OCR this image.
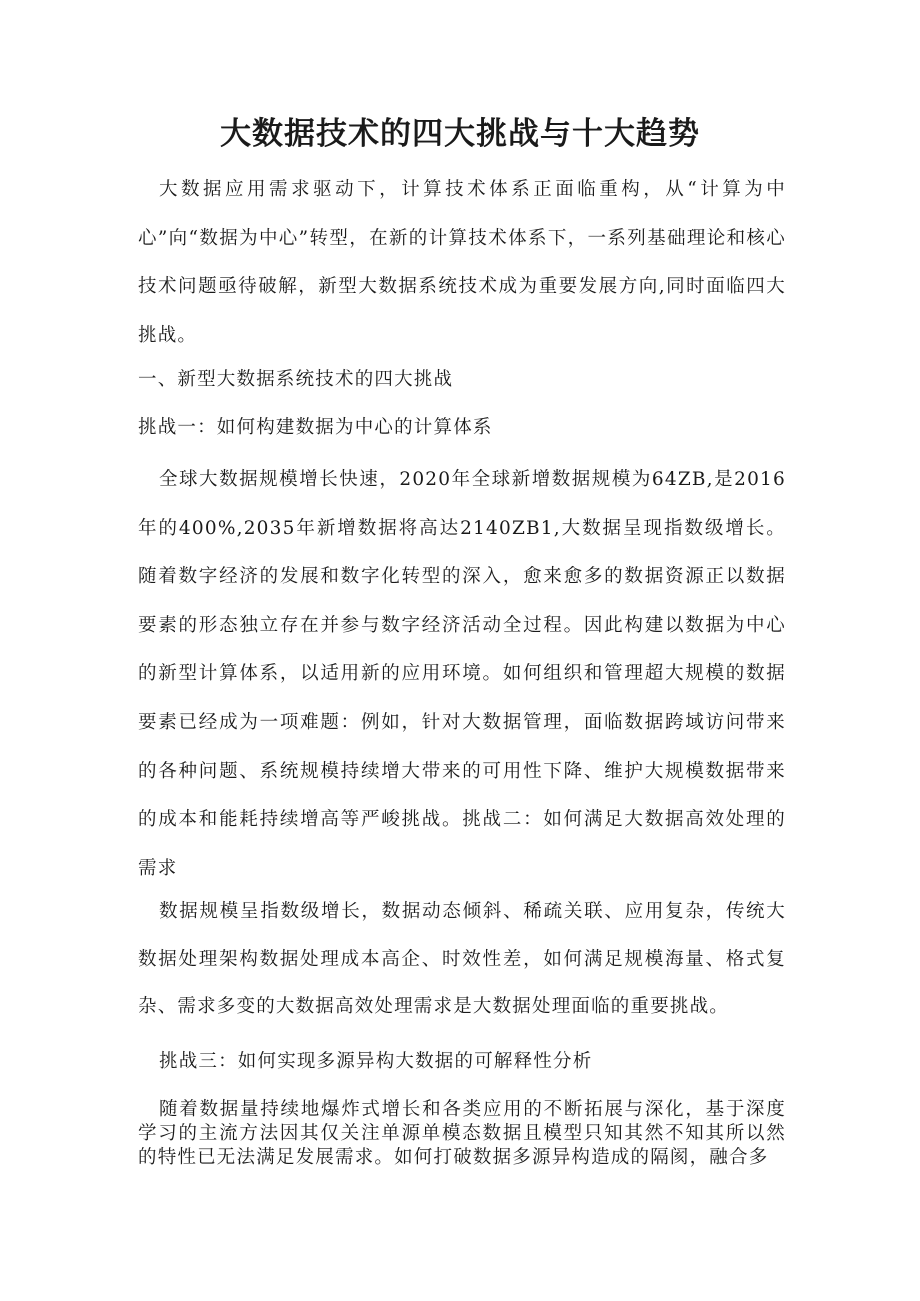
大数据技术的四大挑战与十大趋势

大数据应用需求驱动下，计算技术体系正面临重构，从“计算为中心”向“数据为中心”转型，在新的计算技术体系下，一系列基础理论和核心技术问题亟待破解，新型大数据系统技术成为重要发展方向,同时面临四大挑战。

一、新型大数据系统技术的四大挑战

挑战一：如何构建数据为中心的计算体系

全球大数据规模增长快速，2020年全球新增数据规模为64ZB,是2016年的400%,2035年新增数据将高达2140ZB1,大数据呈现指数级增长。随着数字经济的发展和数字化转型的深入，愈来愈多的数据资源正以数据要素的形态独立存在并参与数字经济活动全过程。因此构建以数据为中心的新型计算体系，以适用新的应用环境。如何组织和管理超大规模的数据要素已经成为一项难题：例如，针对大数据管理，面临数据跨域访问带来的各种问题、系统规模持续增大带来的可用性下降、维护大规模数据带来的成本和能耗持续增高等严峻挑战。挑战二：如何满足大数据高效处理的需求

数据规模呈指数级增长，数据动态倾斜、稀疏关联、应用复杂，传统大数据处理架构数据处理成本高企、时效性差，如何满足规模海量、格式复杂、需求多变的大数据高效处理需求是大数据处理面临的重要挑战。

挑战三：如何实现多源异构大数据的可解释性分析

随着数据量持续地爆炸式增长和各类应用的不断拓展与深化，基于深度学习的主流方法因其仅关注单源单模态数据且模型只知其然不知其所以然的特性已无法满足发展需求。如何打破数据多源异构造成的隔阂，融合多
